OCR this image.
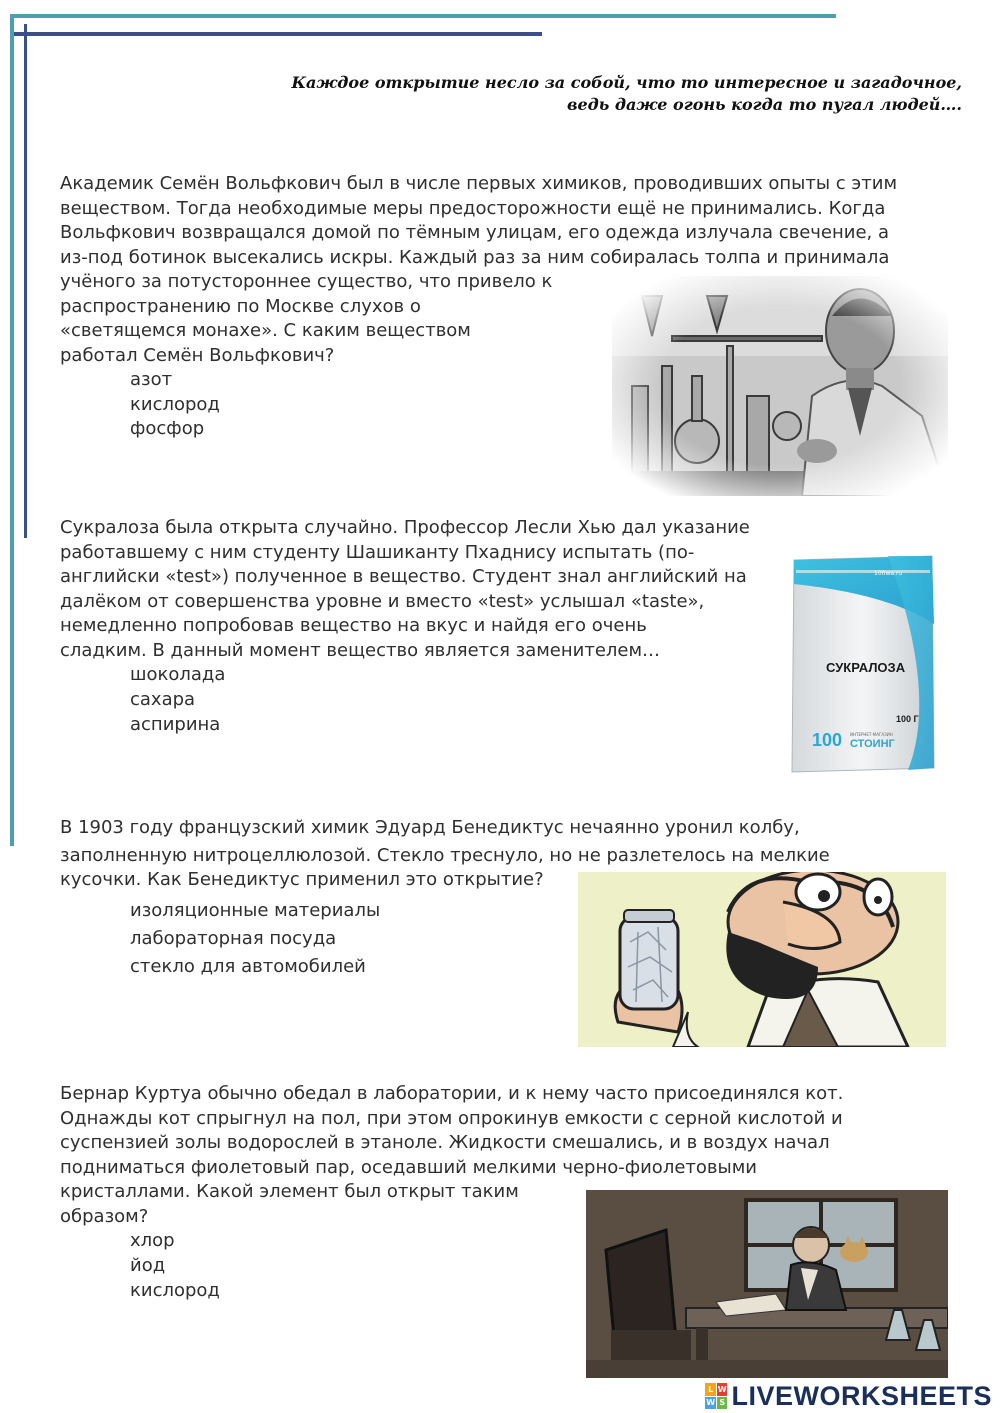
Каждое открытие несло за собой, что то интересное и загадочное,
ведь даже огонь когда то пугал людей….
Академик Семён Вольфкович был в числе первых химиков, проводивших опыты с этим
веществом. Тогда необходимые меры предосторожности ещё не принимались. Когда
Вольфкович возвращался домой по тёмным улицам, его одежда излучала свечение, а
из-под ботинок высекались искры. Каждый раз за ним собиралась толпа и принимала
учёного за потустороннее существо, что привело к
распространению по Москве слухов о
«светящемся монахе». С каким веществом
работал Семён Вольфкович?
азот
кислород
фосфор
Сукралоза была открыта случайно. Профессор Лесли Хью дал указание
работавшему с ним студенту Шашиканту Пхаднису испытать (по-
английски «test») полученное в вещество. Студент знал английский на
далёком от совершенства уровне и вместо «test» услышал «taste»,
немедленно попробовав вещество на вкус и найдя его очень
сладким. В данный момент вещество является заменителем…
шоколада
сахара
аспирина
100wa.ru
СУКРАЛОЗА
100 Г
100 ИНТЕРНЕТ-МАГАЗИН
СТОИНГ
В 1903 году французский химик Эдуард Бенедиктус нечаянно уронил колбу,
заполненную нитроцеллюлозой. Стекло треснуло, но не разлетелось на мелкие
кусочки. Как Бенедиктус применил это открытие?
изоляционные материалы
лабораторная посуда
стекло для автомобилей
Бернар Куртуа обычно обедал в лаборатории, и к нему часто присоединялся кот.
Однажды кот спрыгнул на пол, при этом опрокинув емкости с серной кислотой и
суспензией золы водорослей в этаноле. Жидкости смешались, и в воздух начал
подниматься фиолетовый пар, оседавший мелкими черно-фиолетовыми
кристаллами. Какой элемент был открыт таким
образом?
хлор
йод
кислород
L W
W S LIVEWORKSHEETS
